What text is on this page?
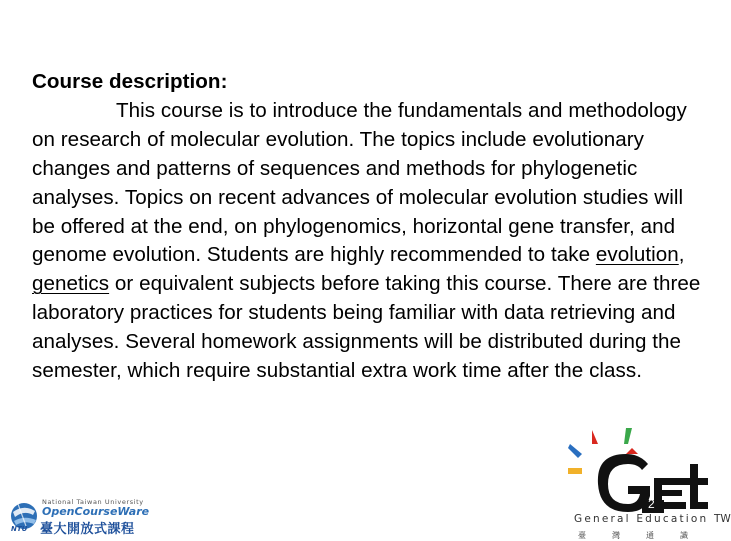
Course description:
This course is to introduce the fundamentals and methodology on research of molecular evolution. The topics include evolutionary changes and patterns of sequences and methods for phylogenetic analyses. Topics on recent advances of molecular evolution studies will be offered at the end, on phylogenomics, horizontal gene transfer, and genome evolution. Students are highly recommended to take evolution, genetics or equivalent subjects before taking this course. There are three laboratory practices for students being familiar with data retrieving and analyses. Several homework assignments will be distributed during the semester, which require substantial extra work time after the class.
National Taiwan University
OpenCourseWare
臺大開放式課程
NTU
2
General Education TW
臺灣通識
